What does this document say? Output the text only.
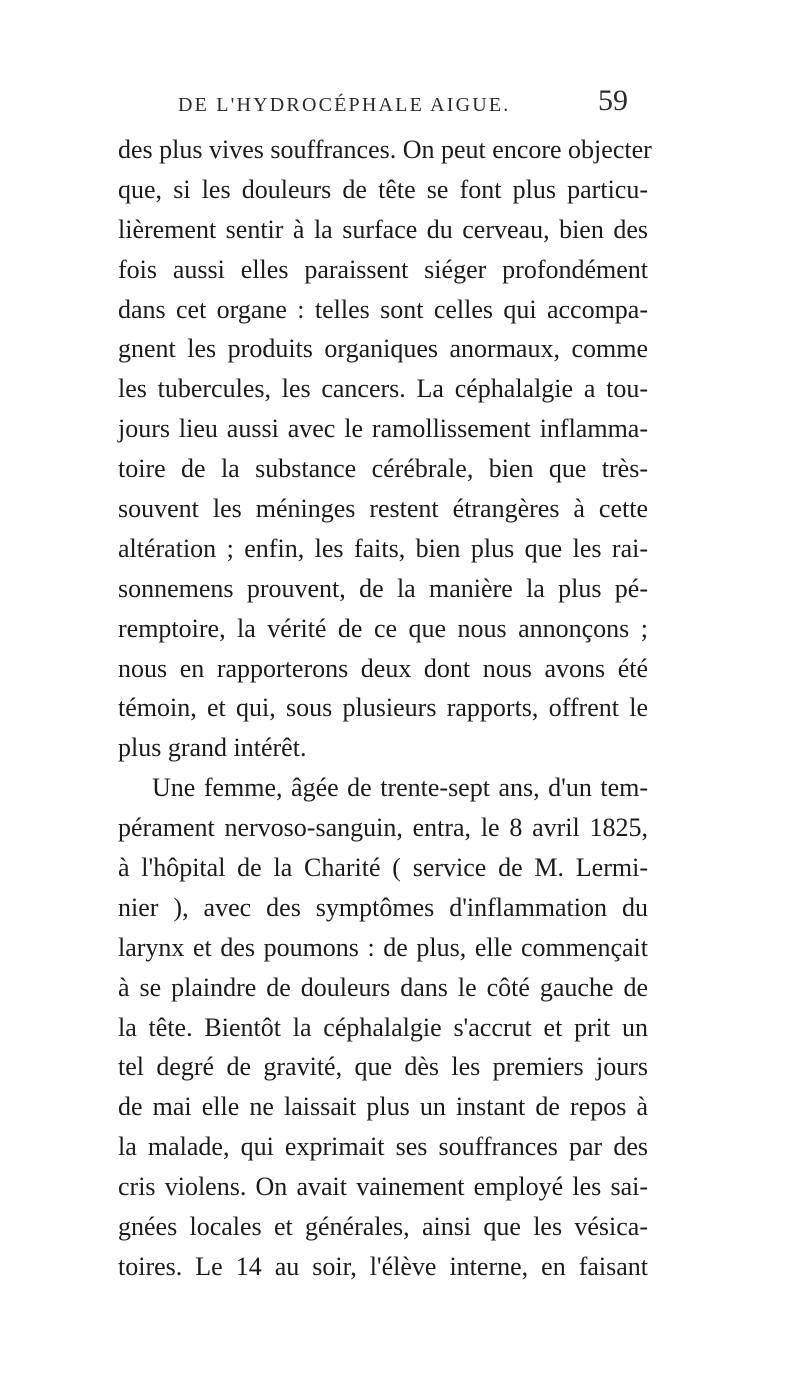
DE L'HYDROCÉPHALE AIGUE.	59
des plus vives souffrances. On peut encore objecter
que, si les douleurs de tête se font plus particu-
lièrement sentir à la surface du cerveau, bien des
fois aussi elles paraissent siéger profondément
dans cet organe : telles sont celles qui accompa-
gnent les produits organiques anormaux, comme
les tubercules, les cancers. La céphalalgie a tou-
jours lieu aussi avec le ramollissement inflamma-
toire de la substance cérébrale, bien que très-
souvent les méninges restent étrangères à cette
altération ; enfin, les faits, bien plus que les rai-
sonnemens prouvent, de la manière la plus pé-
remptoire, la vérité de ce que nous annonçons ;
nous en rapporterons deux dont nous avons été
témoin, et qui, sous plusieurs rapports, offrent le
plus grand intérêt.
Une femme, âgée de trente-sept ans, d'un tem-
pérament nervoso-sanguin, entra, le 8 avril 1825,
à l'hôpital de la Charité ( service de M. Lermi-
nier ), avec des symptômes d'inflammation du
larynx et des poumons : de plus, elle commençait
à se plaindre de douleurs dans le côté gauche de
la tête. Bientôt la céphalalgie s'accrut et prit un
tel degré de gravité, que dès les premiers jours
de mai elle ne laissait plus un instant de repos à
la malade, qui exprimait ses souffrances par des
cris violens. On avait vainement employé les sai-
gnées locales et générales, ainsi que les vésica-
toires. Le 14 au soir, l'élève interne, en faisant
